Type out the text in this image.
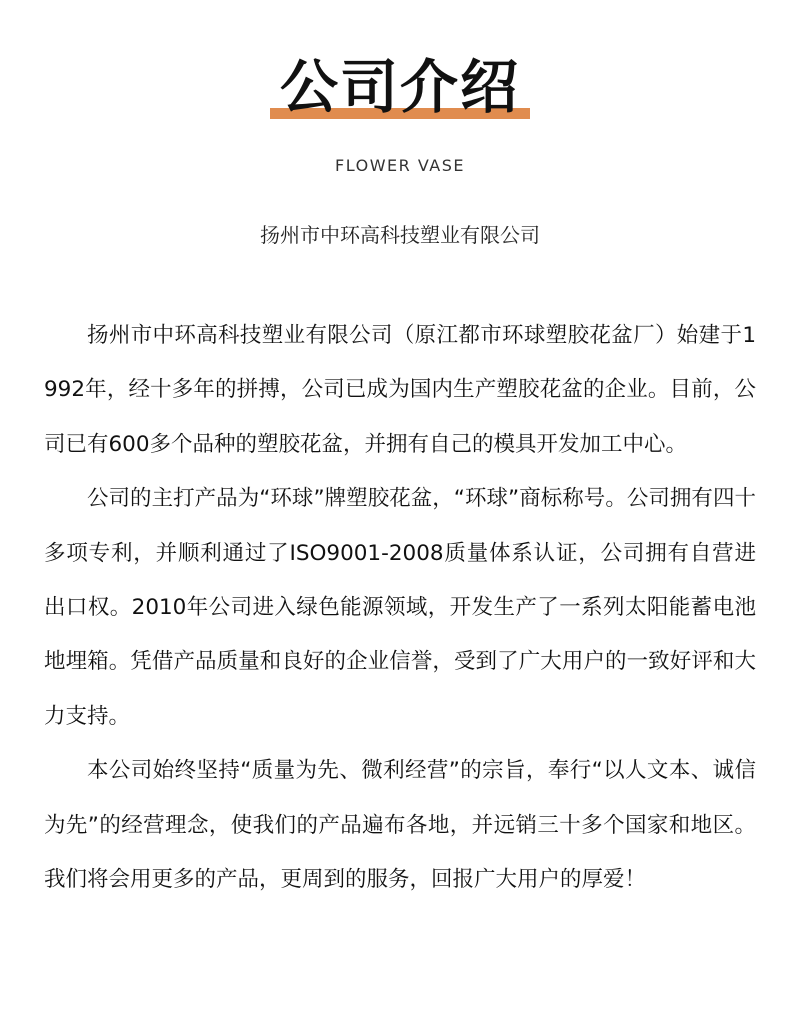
公司介绍
FLOWER VASE
扬州市中环高科技塑业有限公司

扬州市中环高科技塑业有限公司（原江都市环球塑胶花盆厂）始建于1992年，经十多年的拼搏，公司已成为国内生产塑胶花盆的企业。目前，公司已有600多个品种的塑胶花盆，并拥有自己的模具开发加工中心。

公司的主打产品为“环球”牌塑胶花盆，“环球”商标称号。公司拥有四十多项专利，并顺利通过了ISO9001-2008质量体系认证，公司拥有自营进出口权。2010年公司进入绿色能源领域，开发生产了一系列太阳能蓄电池地埋箱。凭借产品质量和良好的企业信誉，受到了广大用户的一致好评和大力支持。

本公司始终坚持“质量为先、微利经营”的宗旨，奉行“以人文本、诚信为先”的经营理念，使我们的产品遍布各地，并远销三十多个国家和地区。我们将会用更多的产品，更周到的服务，回报广大用户的厚爱！
